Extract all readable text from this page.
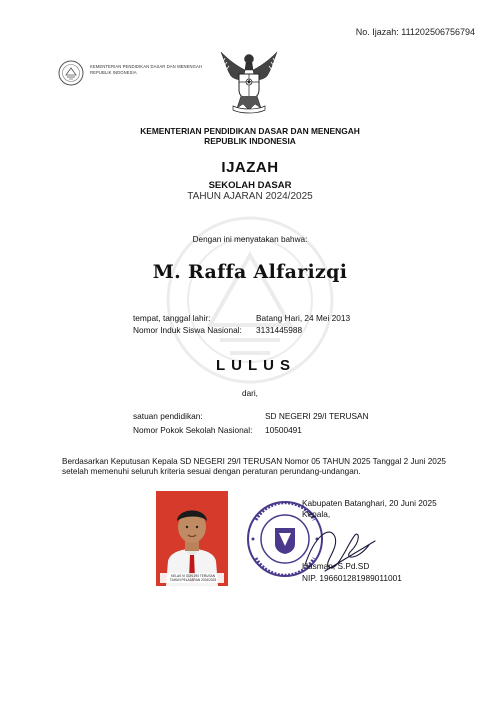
No. Ijazah: 111202506756794
KEMENTERIAN PENDIDIKAN DASAR DAN MENENGAH
REPUBLIK INDONESIA
KEMENTERIAN PENDIDIKAN DASAR DAN MENENGAH
REPUBLIK INDONESIA
IJAZAH
SEKOLAH DASAR
TAHUN AJARAN 2024/2025
Dengan ini menyatakan bahwa:
M. Raffa Alfarizqi
tempat, tanggal lahir:	Batang Hari, 24 Mei 2013
Nomor Induk Siswa Nasional: 3131445988
LULUS
dari,
satuan pendidikan:	SD NEGERI 29/I TERUSAN
Nomor Pokok Sekolah Nasional: 10500491
Berdasarkan Keputusan Kepala SD NEGERI 29/I TERUSAN Nomor 05 TAHUN 2025 Tanggal 2 Juni 2025 setelah memenuhi seluruh kriteria sesuai dengan peraturan perundang-undangan.
KELAS VI SDN 29/I TERUSAN
TAHUN PELAJARAN 2024/2025
Kabupaten Batanghari, 20 Juni 2025
Kepala,
Hasman, S.Pd.SD
NIP. 196601281989011001
